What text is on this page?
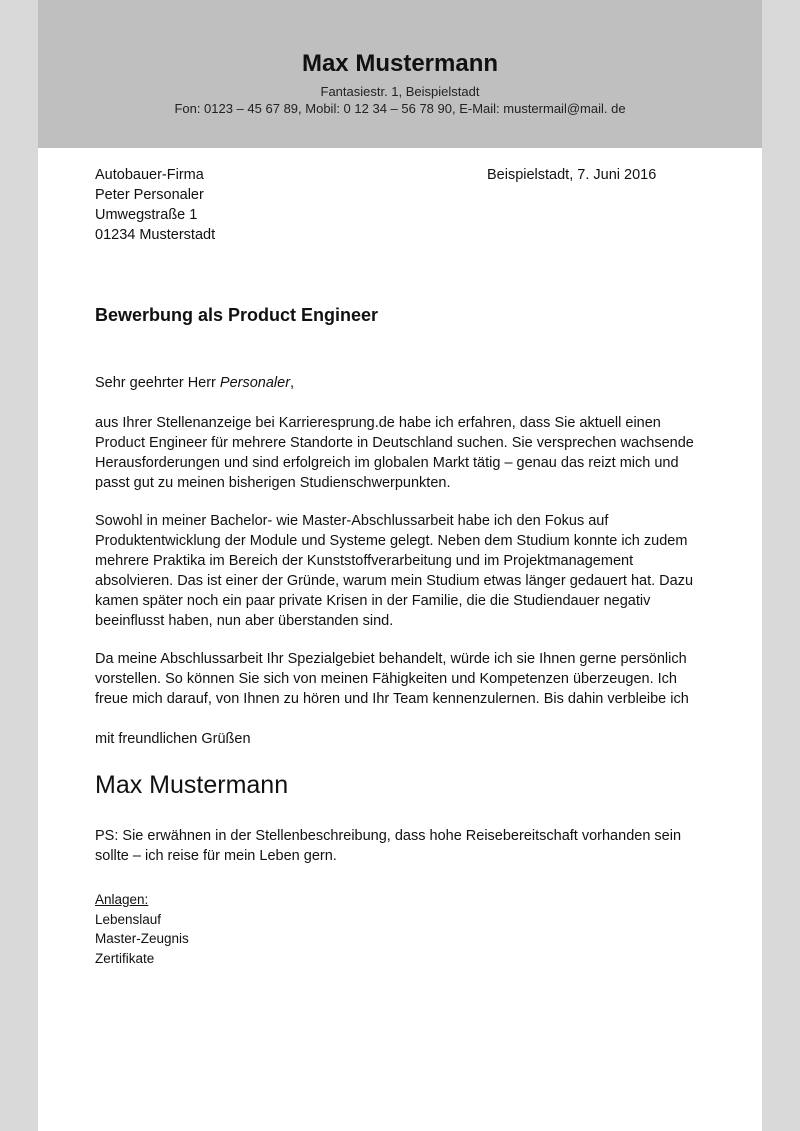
Max Mustermann
Fantasiestr. 1, Beispielstadt
Fon: 0123 – 45 67 89, Mobil: 0 12 34 – 56 78 90, E-Mail: mustermail@mail. de
Autobauer-Firma
Peter Personaler
Umwegstraße 1
01234 Musterstadt
Beispielstadt, 7. Juni 2016
Bewerbung als Product Engineer
Sehr geehrter Herr Personaler,
aus Ihrer Stellenanzeige bei Karrieresprung.de habe ich erfahren, dass Sie aktuell einen
Product Engineer für mehrere Standorte in Deutschland suchen. Sie versprechen wachsende
Herausforderungen und sind erfolgreich im globalen Markt tätig – genau das reizt mich und
passt gut zu meinen bisherigen Studienschwerpunkten.
Sowohl in meiner Bachelor- wie Master-Abschlussarbeit habe ich den Fokus auf
Produktentwicklung der Module und Systeme gelegt. Neben dem Studium konnte ich zudem
mehrere Praktika im Bereich der Kunststoffverarbeitung und im Projektmanagement
absolvieren. Das ist einer der Gründe, warum mein Studium etwas länger gedauert hat. Dazu
kamen später noch ein paar private Krisen in der Familie, die die Studiendauer negativ
beeinflusst haben, nun aber überstanden sind.
Da meine Abschlussarbeit Ihr Spezialgebiet behandelt, würde ich sie Ihnen gerne persönlich
vorstellen. So können Sie sich von meinen Fähigkeiten und Kompetenzen überzeugen. Ich
freue mich darauf, von Ihnen zu hören und Ihr Team kennenzulernen. Bis dahin verbleibe ich
mit freundlichen Grüßen
Max Mustermann
PS: Sie erwähnen in der Stellenbeschreibung, dass hohe Reisebereitschaft vorhanden sein
sollte – ich reise für mein Leben gern.
Anlagen:
Lebenslauf
Master-Zeugnis
Zertifikate
